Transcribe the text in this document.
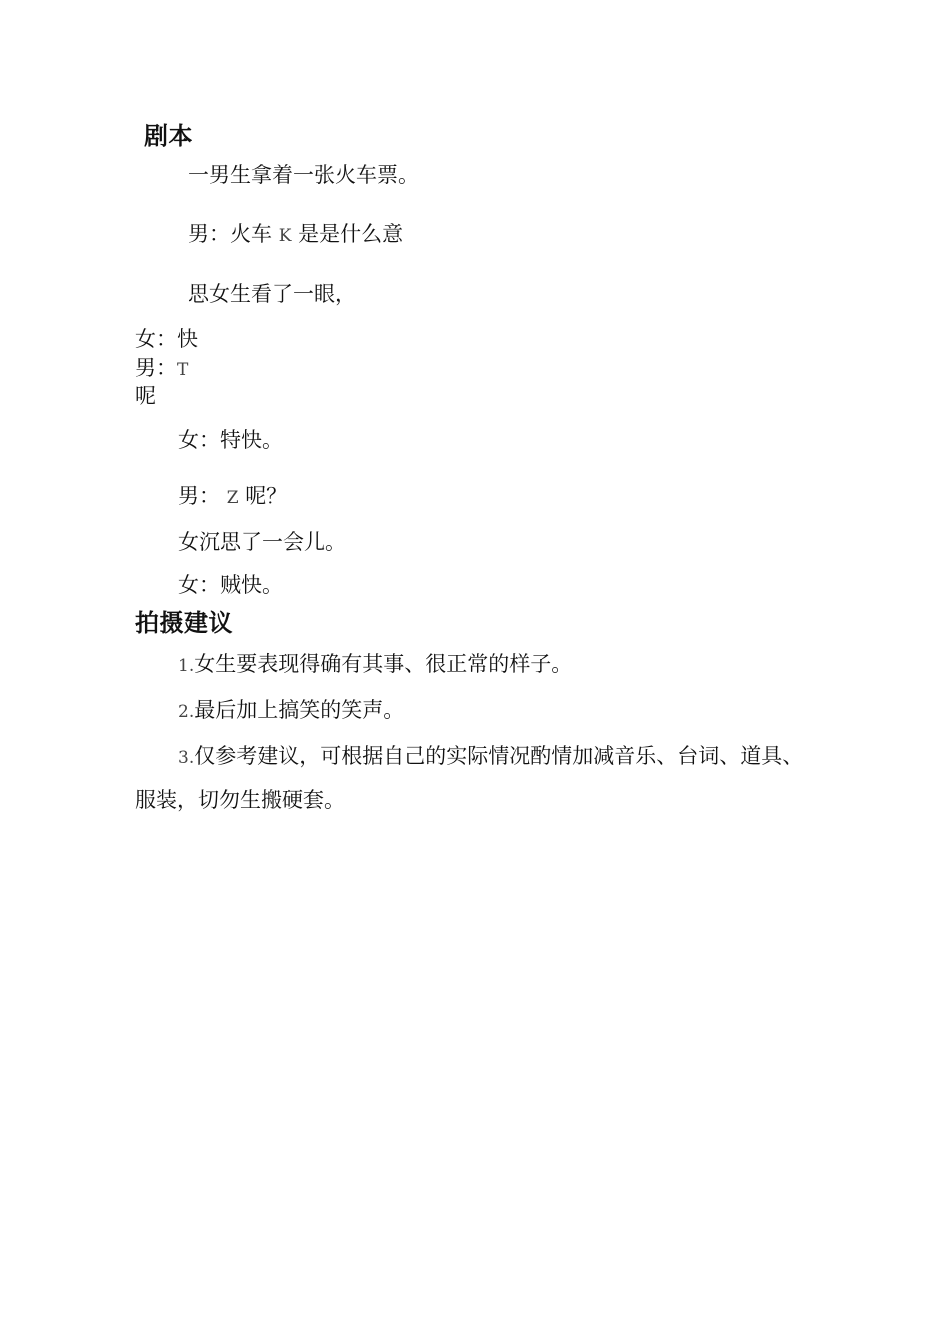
剧本
一男生拿着一张火车票。
男：火车 K 是是什么意
思女生看了一眼，
女：快
男：T
呢
女：特快。
男： Z 呢？
女沉思了一会儿。
女：贼快。
拍摄建议
1.女生要表现得确有其事、很正常的样子。
2.最后加上搞笑的笑声。
3.仅参考建议，可根据自己的实际情况酌情加减音乐、台词、道具、
服装，切勿生搬硬套。
